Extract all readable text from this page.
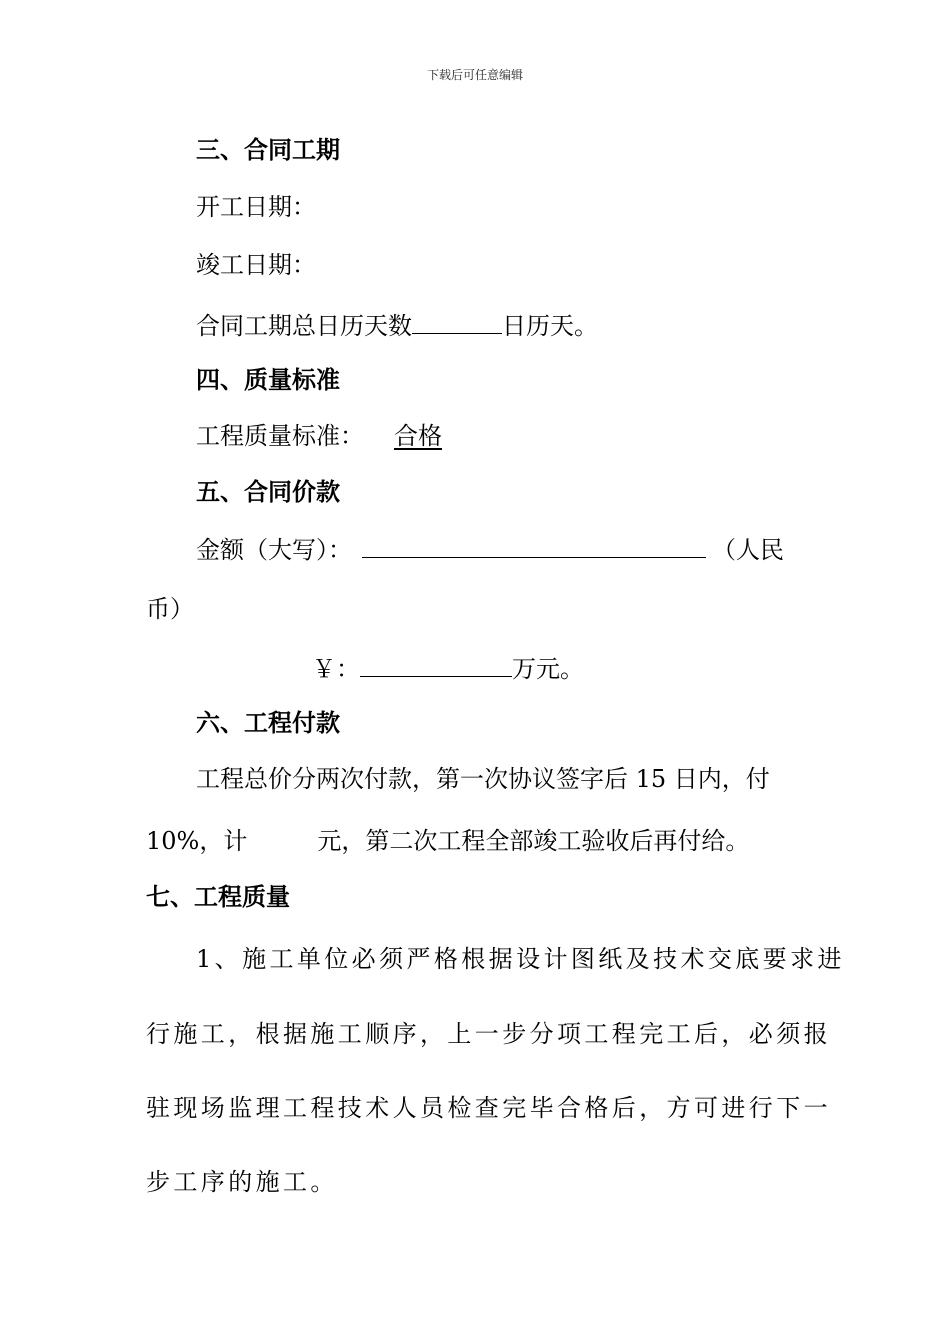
下载后可任意编辑
三、合同工期
开工日期：
竣工日期：
合同工期总日历天数	日历天。
四、质量标准
工程质量标准： 合格
五、合同价款
金额（大写）：	（人民
币）
￥：	万元。
六、工程付款
工程总价分两次付款，第一次协议签字后 15 日内，付
10%，计	元，第二次工程全部竣工验收后再付给。
七、工程质量
1、施工单位必须严格根据设计图纸及技术交底要求进
行施工，根据施工顺序，上一步分项工程完工后，必须报
驻现场监理工程技术人员检查完毕合格后，方可进行下一
步工序的施工。
